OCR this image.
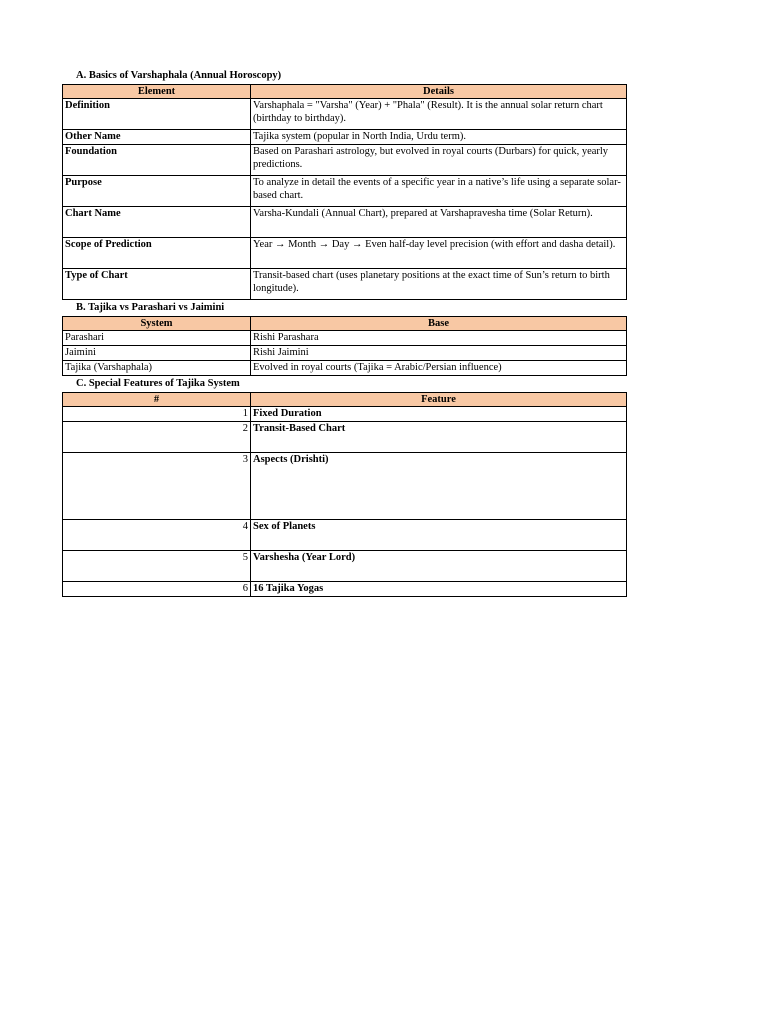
A. Basics of Varshaphala (Annual Horoscopy)
Element	Details
Definition	Varshaphala = "Varsha" (Year) + "Phala" (Result). It is the annual solar return chart (birthday to birthday).
Other Name	Tajika system (popular in North India, Urdu term).
Foundation	Based on Parashari astrology, but evolved in royal courts (Durbars) for quick, yearly predictions.
Purpose	To analyze in detail the events of a specific year in a native’s life using a separate solar-based chart.
Chart Name	Varsha-Kundali (Annual Chart), prepared at Varshapravesha time (Solar Return).
Scope of Prediction	Year → Month → Day → Even half-day level precision (with effort and dasha detail).
Type of Chart	Transit-based chart (uses planetary positions at the exact time of Sun’s return to birth longitude).
B. Tajika vs Parashari vs Jaimini
System	Base
Parashari	Rishi Parashara
Jaimini	Rishi Jaimini
Tajika (Varshaphala)	Evolved in royal courts (Tajika = Arabic/Persian influence)
C. Special Features of Tajika System
#	Feature
1	Fixed Duration
2	Transit-Based Chart
3	Aspects (Drishti)
4	Sex of Planets
5	Varshesha (Year Lord)
6	16 Tajika Yogas
